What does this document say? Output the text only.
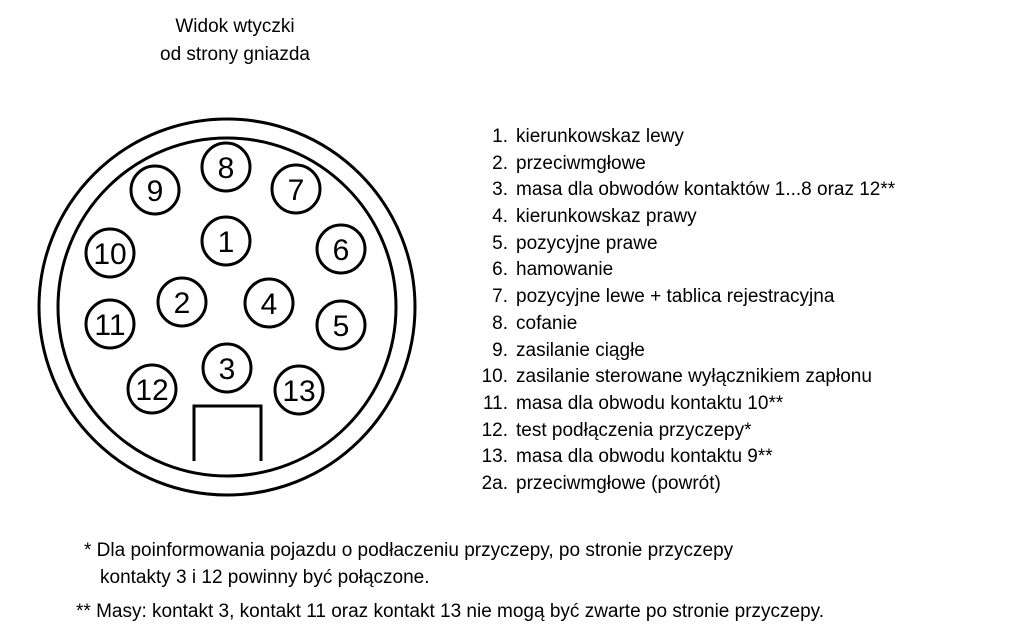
Widok wtyczki
od strony gniazda
8
9	7
1
10	6
2 4
11	5
3
12	13
1. kierunkowskaz lewy
2. przeciwmgłowe
3. masa dla obwodów kontaktów 1...8 oraz 12**
4. kierunkowskaz prawy
5. pozycyjne prawe
6. hamowanie
7. pozycyjne lewe + tablica rejestracyjna
8. cofanie
9. zasilanie ciągłe
10. zasilanie sterowane wyłącznikiem zapłonu
11. masa dla obwodu kontaktu 10**
12. test podłączenia przyczepy*
13. masa dla obwodu kontaktu 9**
2a. przeciwmgłowe (powrót)
* Dla poinformowania pojazdu o podłaczeniu przyczepy, po stronie przyczepy
kontakty 3 i 12 powinny być połączone.
** Masy: kontakt 3, kontakt 11 oraz kontakt 13 nie mogą być zwarte po stronie przyczepy.
